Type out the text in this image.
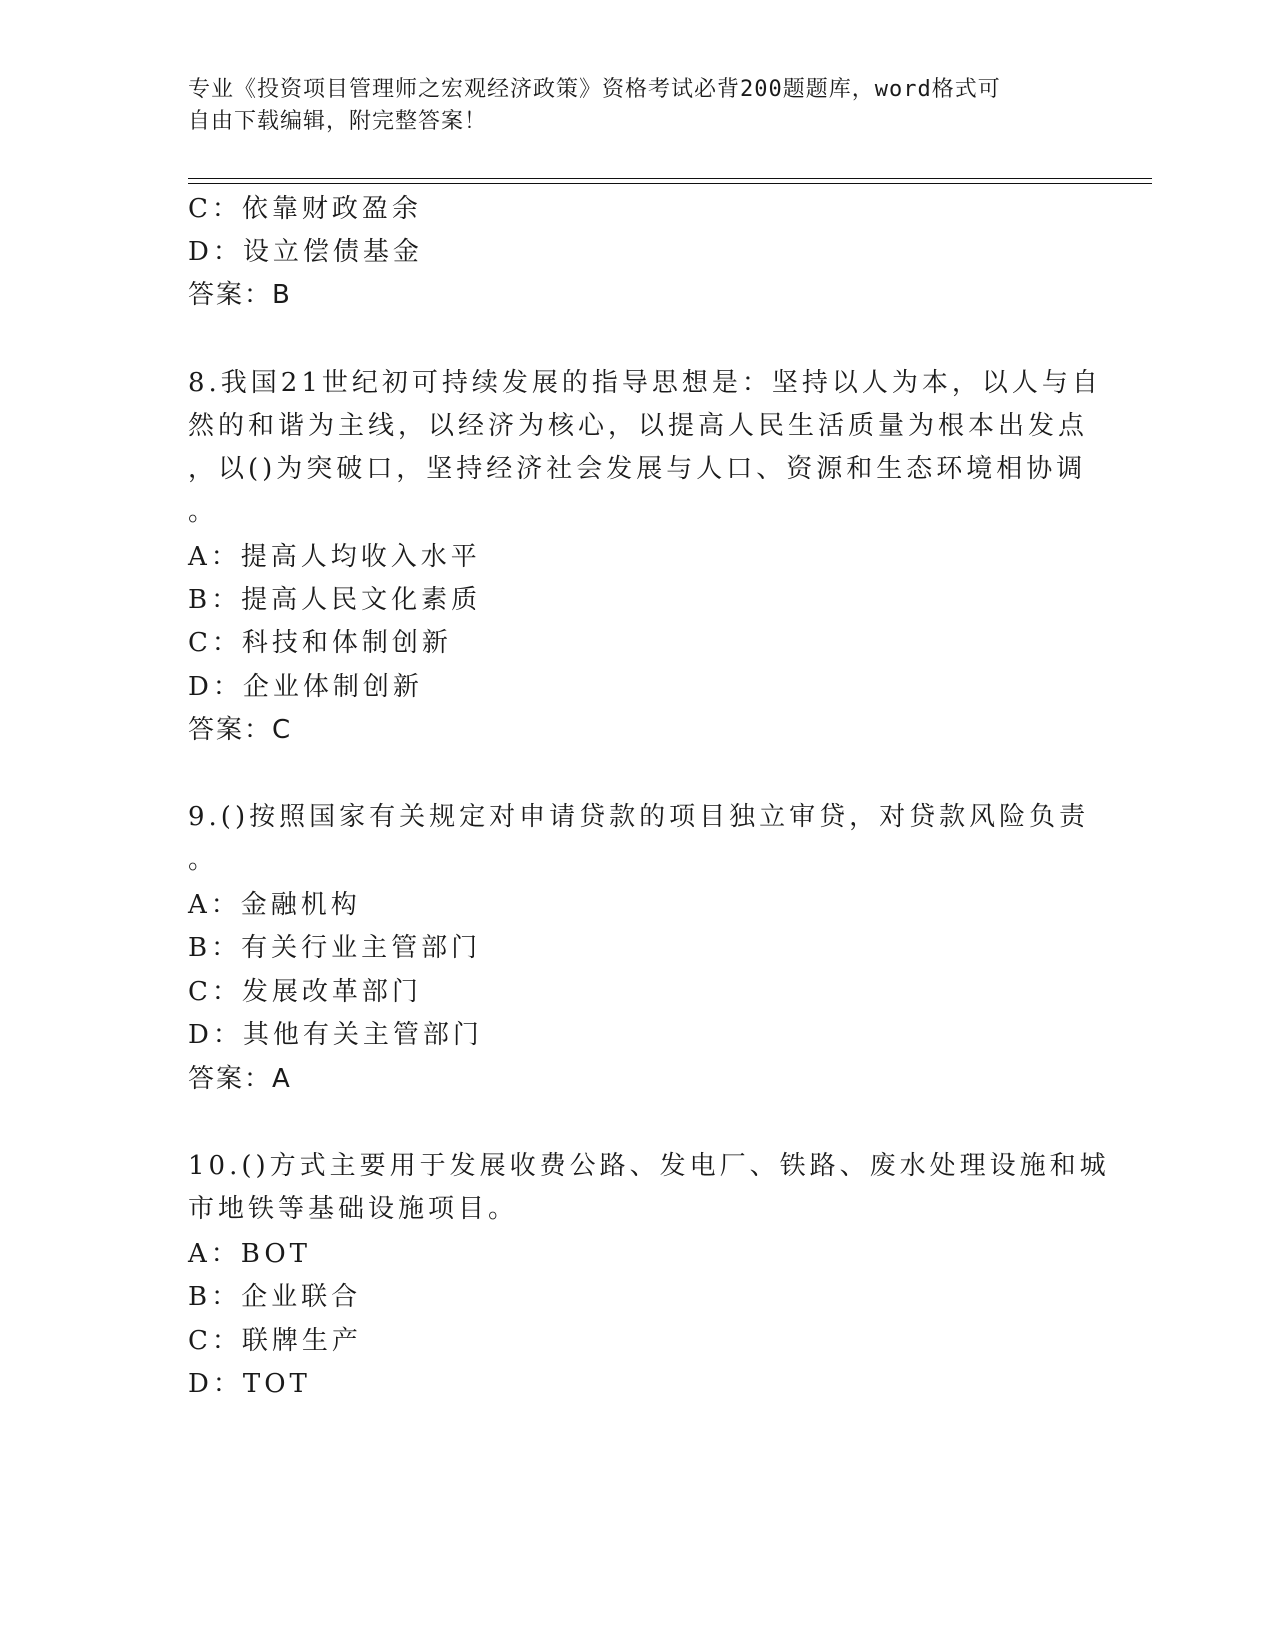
专业《投资项目管理师之宏观经济政策》资格考试必背200题题库，word格式可
自由下载编辑，附完整答案！
C：依靠财政盈余
D：设立偿债基金
答案：B
8.我国21世纪初可持续发展的指导思想是：坚持以人为本，以人与自
然的和谐为主线，以经济为核心，以提高人民生活质量为根本出发点
，以()为突破口，坚持经济社会发展与人口、资源和生态环境相协调
。
A：提高人均收入水平
B：提高人民文化素质
C：科技和体制创新
D：企业体制创新
答案：C
9.()按照国家有关规定对申请贷款的项目独立审贷，对贷款风险负责
。
A：金融机构
B：有关行业主管部门
C：发展改革部门
D：其他有关主管部门
答案：A
10.()方式主要用于发展收费公路、发电厂、铁路、废水处理设施和城
市地铁等基础设施项目。
A：BOT
B：企业联合
C：联牌生产
D：TOT
